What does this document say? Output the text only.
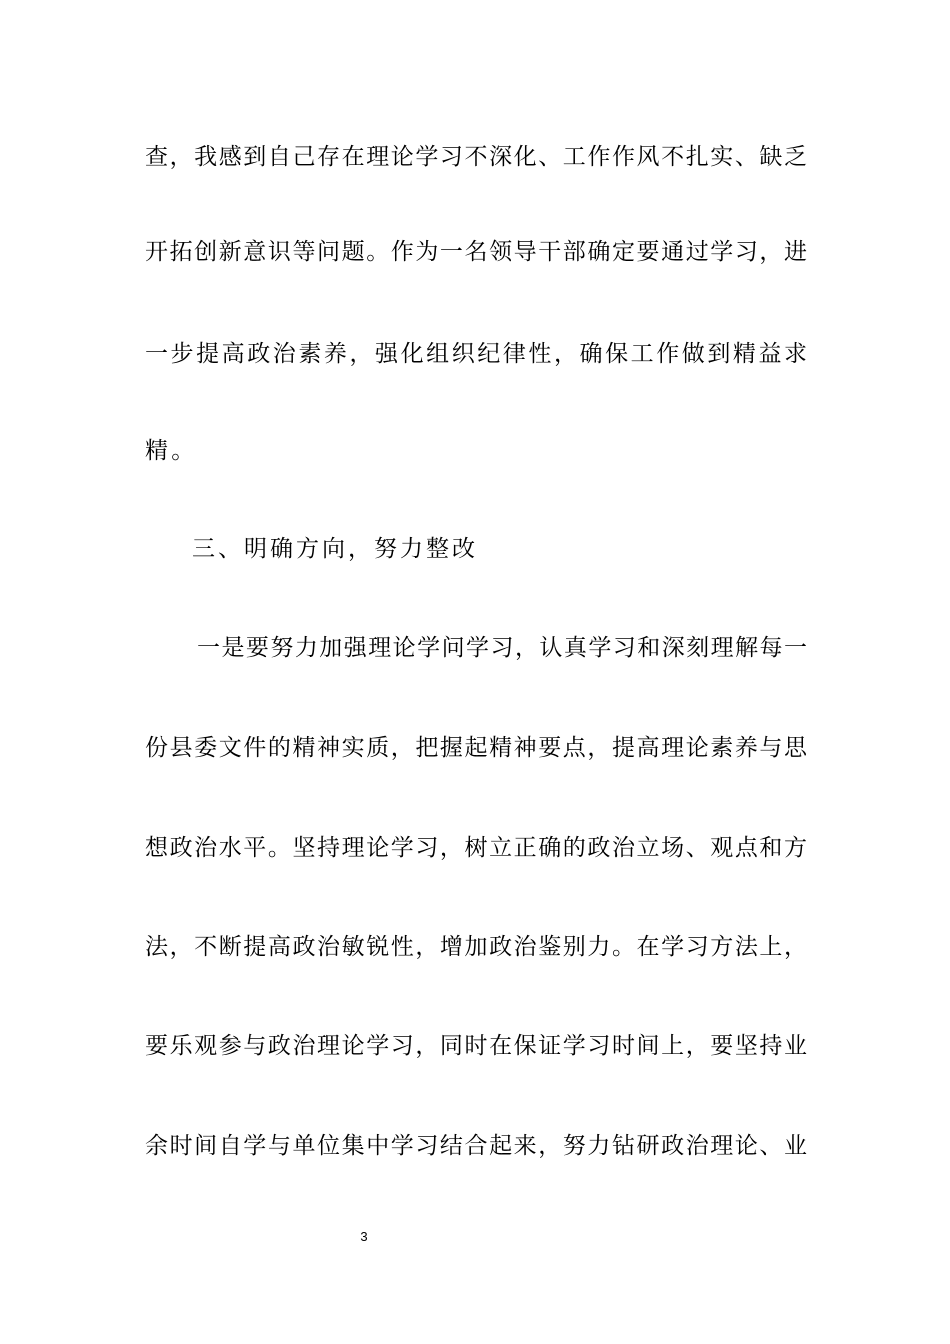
查，我感到自己存在理论学习不深化、工作作风不扎实、缺乏
开拓创新意识等问题。作为一名领导干部确定要通过学习，进
一步提高政治素养，强化组织纪律性，确保工作做到精益求
精。
三、明确方向，努力整改
一是要努力加强理论学问学习，认真学习和深刻理解每一
份县委文件的精神实质，把握起精神要点，提高理论素养与思
想政治水平。坚持理论学习，树立正确的政治立场、观点和方
法，不断提高政治敏锐性，增加政治鉴别力。在学习方法上，
要乐观参与政治理论学习，同时在保证学习时间上，要坚持业
余时间自学与单位集中学习结合起来，努力钻研政治理论、业
3
